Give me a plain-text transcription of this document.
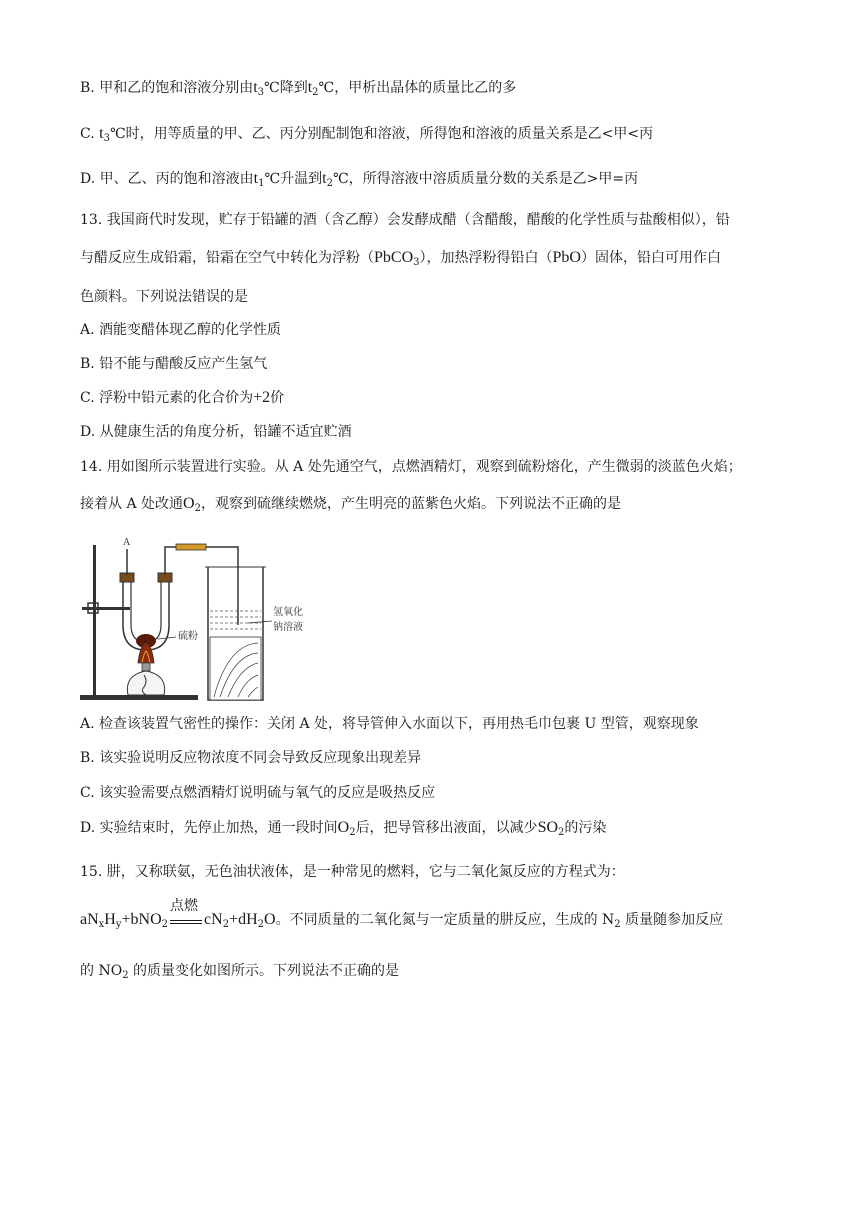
B. 甲和乙的饱和溶液分别由$t_3℃$降到$t_2℃$，甲析出晶体的质量比乙的多
C. $t_3℃$时，用等质量的甲、乙、丙分别配制饱和溶液，所得饱和溶液的质量关系是乙<甲<丙
D. 甲、乙、丙的饱和溶液由$t_1℃$升温到$t_2℃$，所得溶液中溶质质量分数的关系是乙>甲=丙
13. 我国商代时发现，贮存于铅罐的酒（含乙醇）会发酵成醋（含醋酸，醋酸的化学性质与盐酸相似），铅
与醋反应生成铅霜，铅霜在空气中转化为浮粉（PbCO$_3$），加热浮粉得铅白（PbO）固体，铅白可用作白
色颜料。下列说法错误的是
A. 酒能变醋体现乙醇的化学性质
B. 铅不能与醋酸反应产生氢气
C. 浮粉中铅元素的化合价为+2价
D. 从健康生活的角度分析，铅罐不适宜贮酒
14. 用如图所示装置进行实验。从 A 处先通空气，点燃酒精灯，观察到硫粉熔化，产生微弱的淡蓝色火焰；
接着从 A 处改通$O_2$，观察到硫继续燃烧，产生明亮的蓝紫色火焰。下列说法不正确的是
A
硫粉
氢氧化
钠溶液
A. 检查该装置气密性的操作：关闭 A 处，将导管伸入水面以下，再用热毛巾包裹 U 型管，观察现象
B. 该实验说明反应物浓度不同会导致反应现象出现差异
C. 该实验需要点燃酒精灯说明硫与氧气的反应是吸热反应
D. 实验结束时，先停止加热，通一段时间$O_2$后，把导管移出液面，以减少$SO_2$的污染
15. 肼，又称联氨，无色油状液体，是一种常见的燃料，它与二氧化氮反应的方程式为：
$aN_xH_y+bNO_2$
点燃
$cN_2+dH_2O$。不同质量的二氧化氮与一定质量的肼反应，生成的 $N_2$ 质量随参加反应
的 $NO_2$ 的质量变化如图所示。下列说法不正确的是
